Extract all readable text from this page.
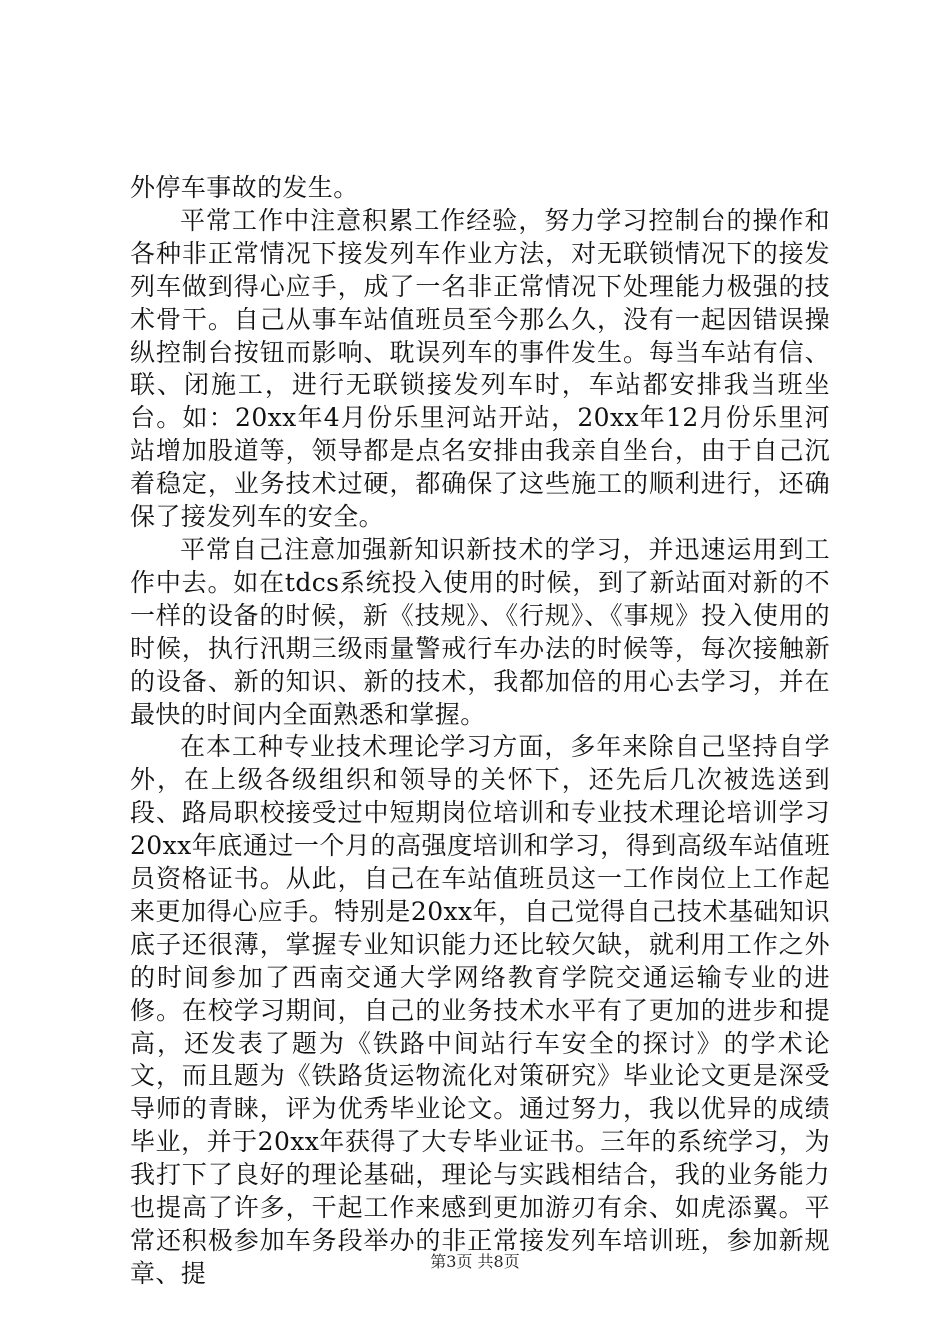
外停车事故的发生。

平常工作中注意积累工作经验，努力学习控制台的操作和各种非正常情况下接发列车作业方法，对无联锁情况下的接发列车做到得心应手，成了一名非正常情况下处理能力极强的技术骨干。自己从事车站值班员至今那么久，没有一起因错误操纵控制台按钮而影响、耽误列车的事件发生。每当车站有信、联、闭施工，进行无联锁接发列车时，车站都安排我当班坐台。如：20xx年4月份乐里河站开站，20xx年12月份乐里河站增加股道等，领导都是点名安排由我亲自坐台，由于自己沉着稳定，业务技术过硬，都确保了这些施工的顺利进行，还确保了接发列车的安全。

平常自己注意加强新知识新技术的学习，并迅速运用到工作中去。如在tdcs系统投入使用的时候，到了新站面对新的不一样的设备的时候，新《技规》、《行规》、《事规》投入使用的时候，执行汛期三级雨量警戒行车办法的时候等，每次接触新的设备、新的知识、新的技术，我都加倍的用心去学习，并在最快的时间内全面熟悉和掌握。

在本工种专业技术理论学习方面，多年来除自己坚持自学外，在上级各级组织和领导的关怀下，还先后几次被选送到段、路局职校接受过中短期岗位培训和专业技术理论培训学习20xx年底通过一个月的高强度培训和学习，得到高级车站值班员资格证书。从此，自己在车站值班员这一工作岗位上工作起来更加得心应手。特别是20xx年，自己觉得自己技术基础知识底子还很薄，掌握专业知识能力还比较欠缺，就利用工作之外的时间参加了西南交通大学网络教育学院交通运输专业的进修。在校学习期间，自己的业务技术水平有了更加的进步和提高，还发表了题为《铁路中间站行车安全的探讨》的学术论文，而且题为《铁路货运物流化对策研究》毕业论文更是深受导师的青睐，评为优秀毕业论文。通过努力，我以优异的成绩毕业，并于20xx年获得了大专毕业证书。三年的系统学习，为我打下了良好的理论基础，理论与实践相结合，我的业务能力也提高了许多，干起工作来感到更加游刃有余、如虎添翼。平常还积极参加车务段举办的非正常接发列车培训班，参加新规章、提	第3页 共8页
